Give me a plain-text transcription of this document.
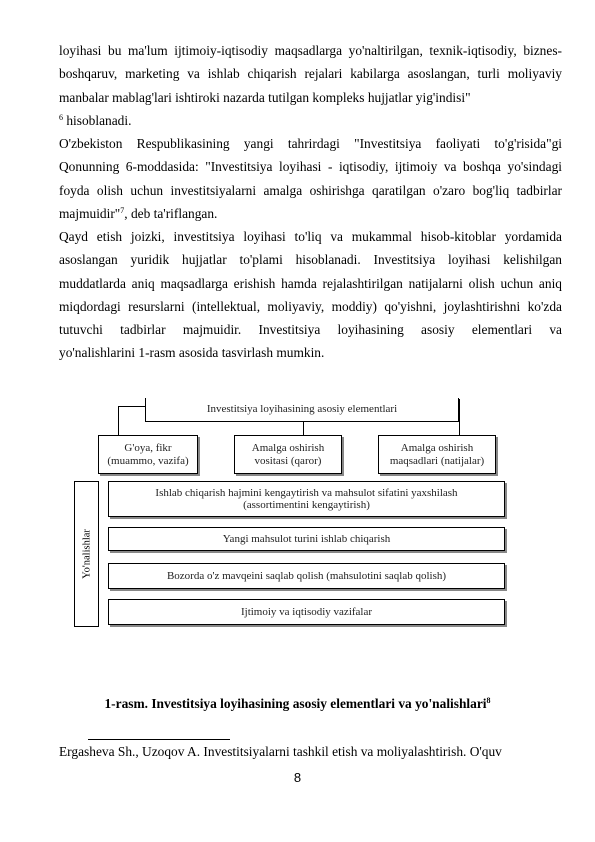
loyihasi bu ma'lum ijtimoiy-iqtisodiy maqsadlarga yo'naltirilgan, texnik-iqtisodiy, biznes-
boshqaruv, marketing va ishlab chiqarish rejalari kabilarga asoslangan, turli moliyaviy
manbalar mablag'lari ishtiroki nazarda tutilgan kompleks hujjatlar yig'indisi"
$^6$ hisoblanadi.
O'zbekiston Respublikasining yangi tahrirdagi "Investitsiya faoliyati to'g'risida"gi
Qonunning 6-moddasida: "Investitsiya loyihasi - iqtisodiy, ijtimoiy va boshqa yo'sindagi
foyda olish uchun investitsiyalarni amalga oshirishga qaratilgan o'zaro bog'liq tadbirlar
majmuidir"$^7$, deb ta'riflangan.
Qayd etish joizki, investitsiya loyihasi to'liq va mukammal hisob-kitoblar yordamida
asoslangan yuridik hujjatlar to'plami hisoblanadi. Investitsiya loyihasi kelishilgan
muddatlarda aniq maqsadlarga erishish hamda rejalashtirilgan natijalarni olish uchun aniq
miqdordagi resurslarni (intellektual, moliyaviy, moddiy) qo'yishni, joylashtirishni ko'zda
tutuvchi tadbirlar majmuidir. Investitsiya loyihasining asosiy elementlari va
yo'nalishlarini 1-rasm asosida tasvirlash mumkin.
Investitsiya loyihasining asosiy elementlari
G'oya, fikr
(muammo, vazifa)
Amalga oshirish
vositasi (qaror)
Amalga oshirish
maqsadlari (natijalar)
Yo'nalishlar
Ishlab chiqarish hajmini kengaytirish va mahsulot sifatini yaxshilash
(assortimentini kengaytirish)
Yangi mahsulot turini ishlab chiqarish
Bozorda o'z mavqeini saqlab qolish (mahsulotini saqlab qolish)
Ijtimoiy va iqtisodiy vazifalar
1-rasm. Investitsiya loyihasining asosiy elementlari va yo'nalishlari$^8$
Ergasheva Sh., Uzoqov A. Investitsiyalarni tashkil etish va moliyalashtirish. O'quv
8
